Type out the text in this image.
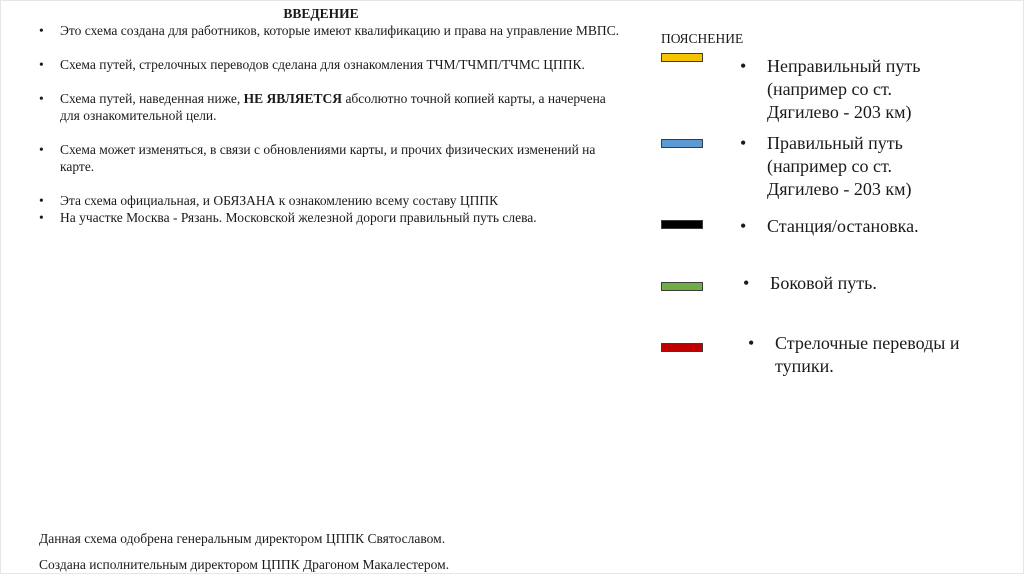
ВВЕДЕНИЕ
• Это схема создана для работников, которые имеют квалификацию и права на управление МВПС.
• Схема путей, стрелочных переводов сделана для ознакомления ТЧМ/ТЧМП/ТЧМС ЦППК.
• Схема путей, наведенная ниже, НЕ ЯВЛЯЕТСЯ абсолютно точной копией карты, а начерчена для ознакомительной цели.
• Схема может изменяться, в связи с обновлениями карты, и прочих физических изменений на карте.
• Эта схема официальная, и ОБЯЗАНА к ознакомлению всему составу ЦППК
• На участке Москва - Рязань. Московской железной дороги правильный путь слева.
Данная схема одобрена генеральным директором ЦППК Святославом.
Создана исполнительным директором ЦППК Драгоном Макалестером.
ПОЯСНЕНИЕ
• Неправильный путь
(например со ст.
Дягилево - 203 км)
• Правильный путь
(например со ст.
Дягилево - 203 км)
• Станция/остановка.
• Боковой путь.
• Стрелочные переводы и
тупики.
